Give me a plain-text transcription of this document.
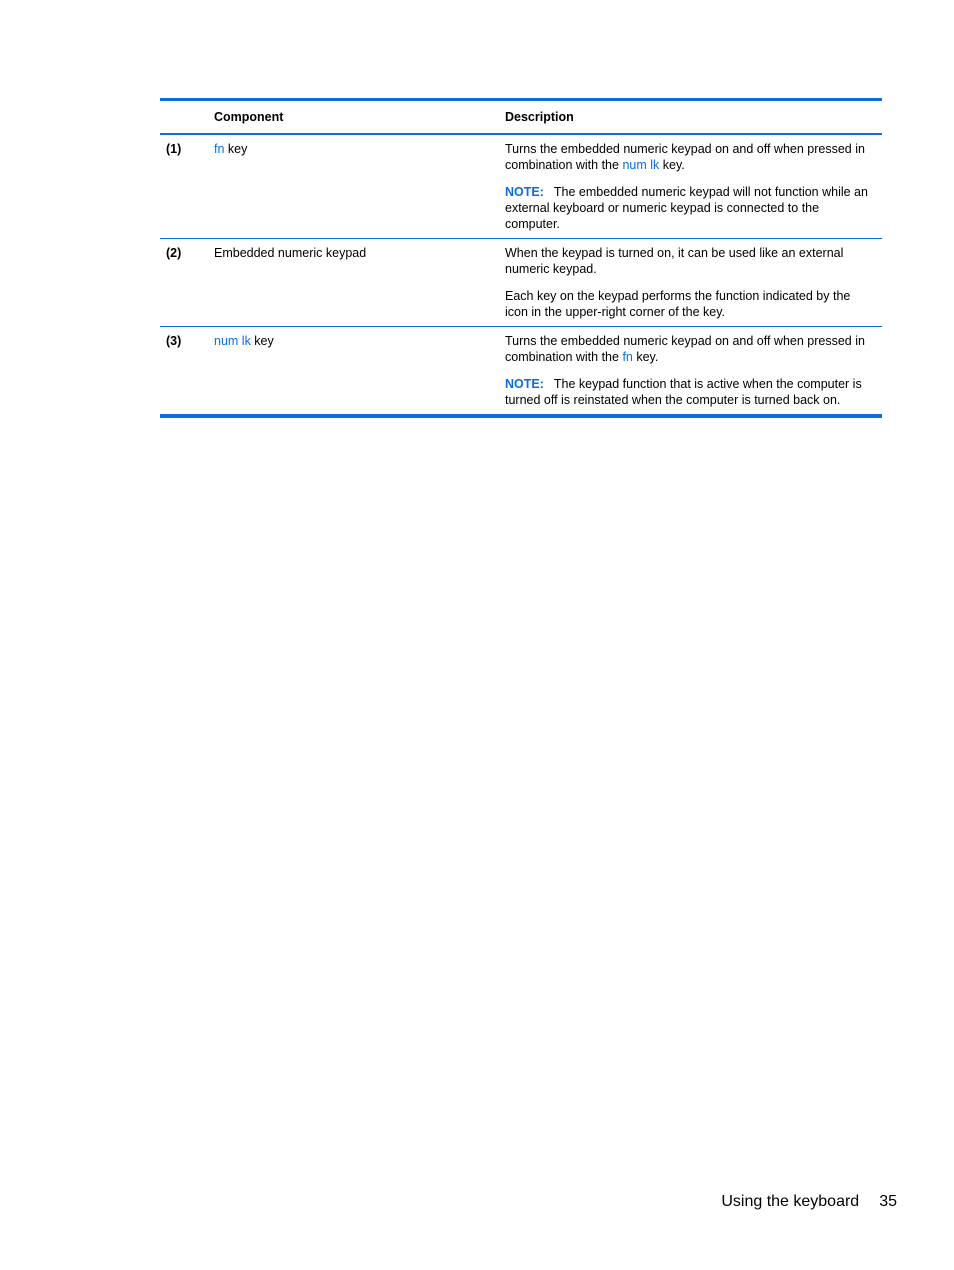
Component	Description
(1)	fn key	Turns the embedded numeric keypad on and off when pressed in combination with the num lk key.

NOTE: The embedded numeric keypad will not function while an external keyboard or numeric keypad is connected to the computer.

(2)	Embedded numeric keypad	When the keypad is turned on, it can be used like an external numeric keypad.

Each key on the keypad performs the function indicated by the icon in the upper-right corner of the key.

(3)	num lk key	Turns the embedded numeric keypad on and off when pressed in combination with the fn key.

NOTE: The keypad function that is active when the computer is turned off is reinstated when the computer is turned back on.

Using the keyboard 35
